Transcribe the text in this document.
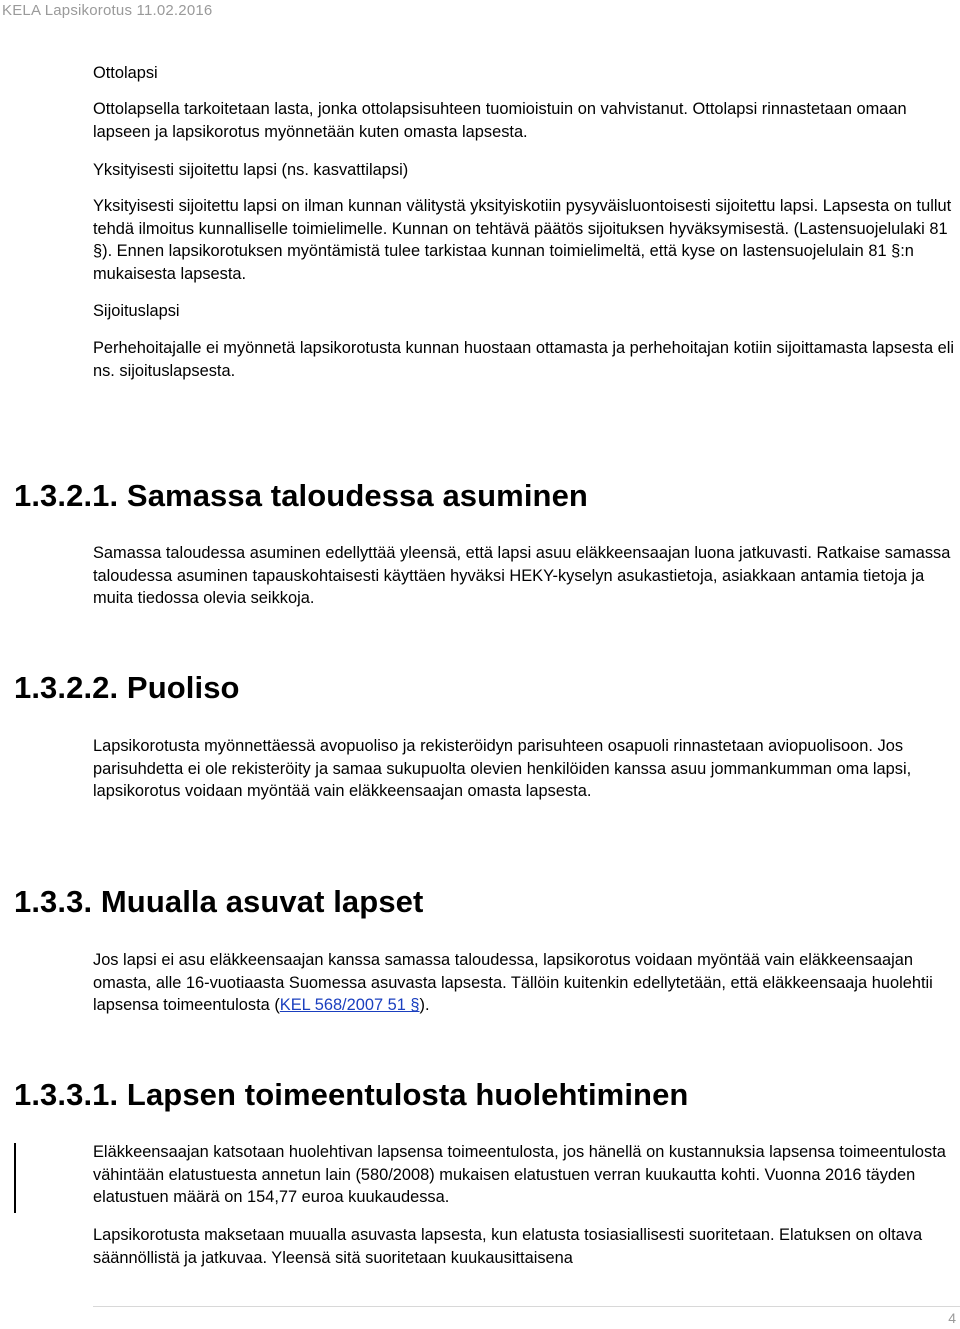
KELA Lapsikorotus 11.02.2016

Ottolapsi

Ottolapsella tarkoitetaan lasta, jonka ottolapsisuhteen tuomioistuin on vahvistanut. Ottolapsi rinnastetaan omaan lapseen ja lapsikorotus myönnetään kuten omasta lapsesta.

Yksityisesti sijoitettu lapsi (ns. kasvattilapsi)

Yksityisesti sijoitettu lapsi on ilman kunnan välitystä yksityiskotiin pysyväisluontoisesti sijoitettu lapsi. Lapsesta on tullut tehdä ilmoitus kunnalliselle toimielimelle. Kunnan on tehtävä päätös sijoituksen hyväksymisestä. (Lastensuojelulaki 81 §). Ennen lapsikorotuksen myöntämistä tulee tarkistaa kunnan toimielimeltä, että kyse on lastensuojelulain 81 §:n mukaisesta lapsesta.

Sijoituslapsi

Perhehoitajalle ei myönnetä lapsikorotusta kunnan huostaan ottamasta ja perhehoitajan kotiin sijoittamasta lapsesta eli ns. sijoituslapsesta.

1.3.2.1. Samassa taloudessa asuminen

Samassa taloudessa asuminen edellyttää yleensä, että lapsi asuu eläkkeensaajan luona jatkuvasti. Ratkaise samassa taloudessa asuminen tapauskohtaisesti käyttäen hyväksi HEKY-kyselyn asukastietoja, asiakkaan antamia tietoja ja muita tiedossa olevia seikkoja.

1.3.2.2. Puoliso

Lapsikorotusta myönnettäessä avopuoliso ja rekisteröidyn parisuhteen osapuoli rinnastetaan aviopuolisoon. Jos parisuhdetta ei ole rekisteröity ja samaa sukupuolta olevien henkilöiden kanssa asuu jommankumman oma lapsi, lapsikorotus voidaan myöntää vain eläkkeensaajan omasta lapsesta.

1.3.3. Muualla asuvat lapset

Jos lapsi ei asu eläkkeensaajan kanssa samassa taloudessa, lapsikorotus voidaan myöntää vain eläkkeensaajan omasta, alle 16-vuotiaasta Suomessa asuvasta lapsesta. Tällöin kuitenkin edellytetään, että eläkkeensaaja huolehtii lapsensa toimeentulosta (KEL 568/2007 51 §).

1.3.3.1. Lapsen toimeentulosta huolehtiminen

Eläkkeensaajan katsotaan huolehtivan lapsensa toimeentulosta, jos hänellä on kustannuksia lapsensa toimeentulosta vähintään elatustuesta annetun lain (580/2008) mukaisen elatustuen verran kuukautta kohti. Vuonna 2016 täyden elatustuen määrä on 154,77 euroa kuukaudessa.

Lapsikorotusta maksetaan muualla asuvasta lapsesta, kun elatusta tosiasiallisesti suoritetaan. Elatuksen on oltava säännöllistä ja jatkuvaa. Yleensä sitä suoritetaan kuukausittaisena

4
